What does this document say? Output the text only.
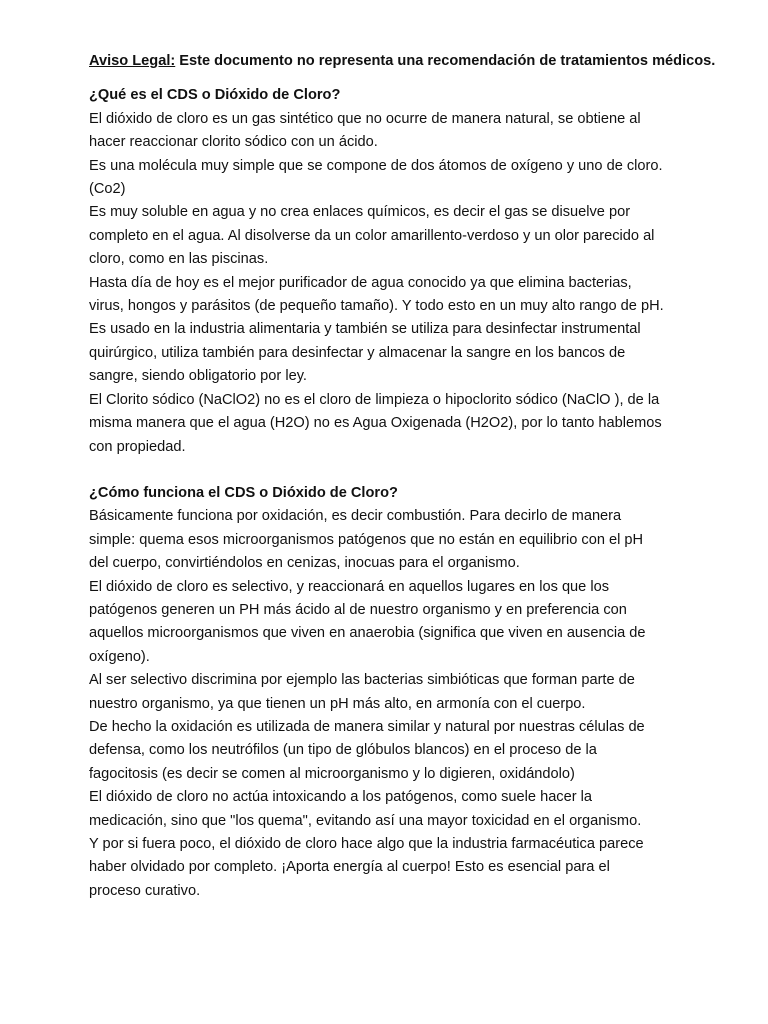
Aviso Legal: Este documento no representa una recomendación de tratamientos médicos.
¿Qué es el CDS o Dióxido de Cloro?
El dióxido de cloro es un gas sintético que no ocurre de manera natural, se obtiene al
hacer reaccionar clorito sódico con un ácido.
Es una molécula muy simple que se compone de dos átomos de oxígeno y uno de cloro.
(Co2)
Es muy soluble en agua y no crea enlaces químicos, es decir el gas se disuelve por
completo en el agua. Al disolverse da un color amarillento-verdoso y un olor parecido al
cloro, como en las piscinas.
Hasta día de hoy es el mejor purificador de agua conocido ya que elimina bacterias,
virus, hongos y parásitos (de pequeño tamaño). Y todo esto en un muy alto rango de pH.
Es usado en la industria alimentaria y también se utiliza para desinfectar instrumental
quirúrgico, utiliza también para desinfectar y almacenar la sangre en los bancos de
sangre, siendo obligatorio por ley.
El Clorito sódico (NaClO2) no es el cloro de limpieza o hipoclorito sódico (NaClO ), de la
misma manera que el agua (H2O) no es Agua Oxigenada (H2O2), por lo tanto hablemos
con propiedad.
¿Cómo funciona el CDS o Dióxido de Cloro?
Básicamente funciona por oxidación, es decir combustión. Para decirlo de manera
simple: quema esos microorganismos patógenos que no están en equilibrio con el pH
del cuerpo, convirtiéndolos en cenizas, inocuas para el organismo.
El dióxido de cloro es selectivo, y reaccionará en aquellos lugares en los que los
patógenos generen un PH más ácido al de nuestro organismo y en preferencia con
aquellos microorganismos que viven en anaerobia (significa que viven en ausencia de
oxígeno).
Al ser selectivo discrimina por ejemplo las bacterias simbióticas que forman parte de
nuestro organismo, ya que tienen un pH más alto, en armonía con el cuerpo.
De hecho la oxidación es utilizada de manera similar y natural por nuestras células de
defensa, como los neutrófilos (un tipo de glóbulos blancos) en el proceso de la
fagocitosis (es decir se comen al microorganismo y lo digieren, oxidándolo)
El dióxido de cloro no actúa intoxicando a los patógenos, como suele hacer la
medicación, sino que "los quema", evitando así una mayor toxicidad en el organismo.
Y por si fuera poco, el dióxido de cloro hace algo que la industria farmacéutica parece
haber olvidado por completo. ¡Aporta energía al cuerpo! Esto es esencial para el
proceso curativo.
